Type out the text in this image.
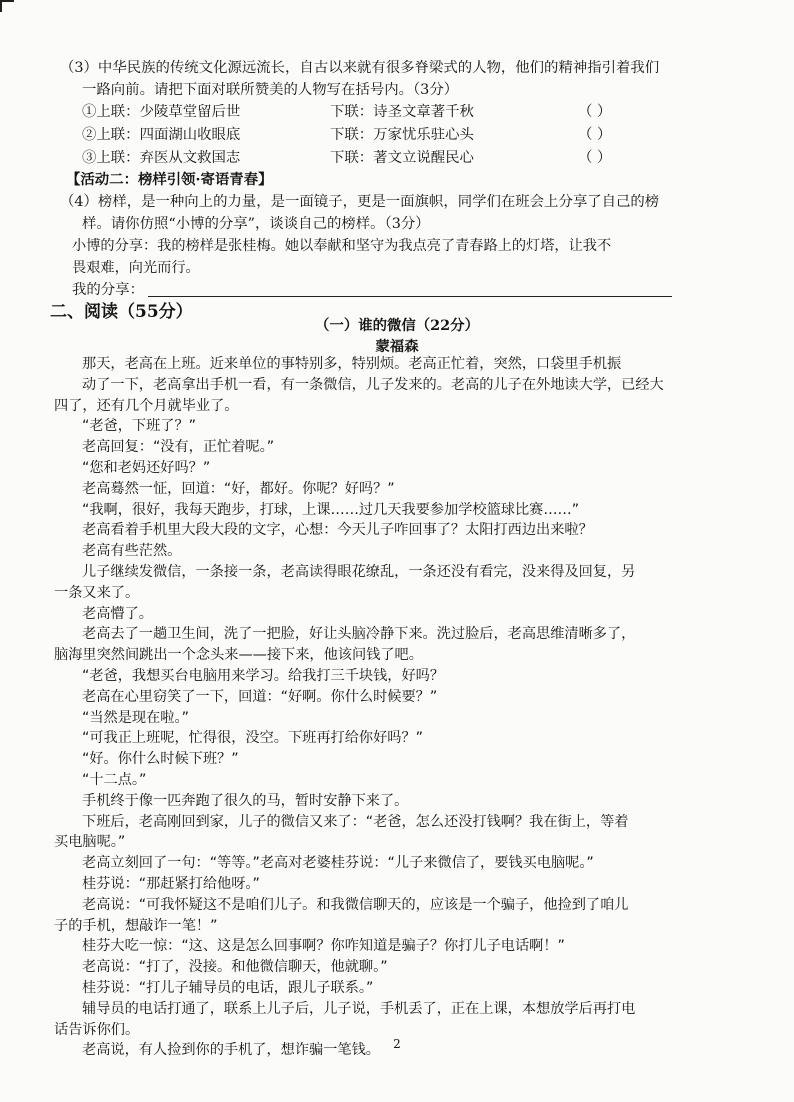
（3）中华民族的传统文化源远流长，自古以来就有很多脊梁式的人物，他们的精神指引着我们
一路向前。请把下面对联所赞美的人物写在括号内。（3分）
①上联：少陵草堂留后世	下联：诗圣文章著千秋	（ ）
②上联：四面湖山收眼底	下联：万家忧乐驻心头	（ ）
③上联：弃医从文救国志	下联：著文立说醒民心	（ ）
【活动二：榜样引领·寄语青春】
（4）榜样，是一种向上的力量，是一面镜子，更是一面旗帜，同学们在班会上分享了自己的榜
样。请你仿照“小博的分享”，谈谈自己的榜样。（3分）
小博的分享：我的榜样是张桂梅。她以奉献和坚守为我点亮了青春路上的灯塔，让我不
畏艰难，向光而行。
我的分享：
二、阅读（55分）
（一）谁的微信（22分）
蒙福森
那天，老高在上班。近来单位的事特别多，特别烦。老高正忙着，突然，口袋里手机振
动了一下，老高拿出手机一看，有一条微信，儿子发来的。老高的儿子在外地读大学，已经大
四了，还有几个月就毕业了。
“老爸，下班了？”
老高回复：“没有，正忙着呢。”
“您和老妈还好吗？”
老高蓦然一怔，回道：“好，都好。你呢？好吗？”
“我啊，很好，我每天跑步，打球，上课……过几天我要参加学校篮球比赛……”
老高看着手机里大段大段的文字，心想：今天儿子咋回事了？太阳打西边出来啦？
老高有些茫然。
儿子继续发微信，一条接一条，老高读得眼花缭乱，一条还没有看完，没来得及回复，另
一条又来了。
老高懵了。
老高去了一趟卫生间，洗了一把脸，好让头脑冷静下来。洗过脸后，老高思维清晰多了，
脑海里突然间跳出一个念头来——接下来，他该问钱了吧。
“老爸，我想买台电脑用来学习。给我打三千块钱，好吗？
老高在心里窃笑了一下，回道：“好啊。你什么时候要？”
“当然是现在啦。”
“可我正上班呢，忙得很，没空。下班再打给你好吗？”
“好。你什么时候下班？”
“十二点。”
手机终于像一匹奔跑了很久的马，暂时安静下来了。
下班后，老高刚回到家，儿子的微信又来了：“老爸，怎么还没打钱啊？我在街上，等着
买电脑呢。”
老高立刻回了一句：“等等。”老高对老婆桂芬说：“儿子来微信了，要钱买电脑呢。”
桂芬说：“那赶紧打给他呀。”
老高说：“可我怀疑这不是咱们儿子。和我微信聊天的，应该是一个骗子，他捡到了咱儿
子的手机，想敲诈一笔！”
桂芬大吃一惊：“这、这是怎么回事啊？你咋知道是骗子？你打儿子电话啊！”
老高说：“打了，没接。和他微信聊天，他就聊。”
桂芬说：“打儿子辅导员的电话，跟儿子联系。”
辅导员的电话打通了，联系上儿子后，儿子说，手机丢了，正在上课，本想放学后再打电
话告诉你们。
老高说，有人捡到你的手机了，想诈骗一笔钱。	2
